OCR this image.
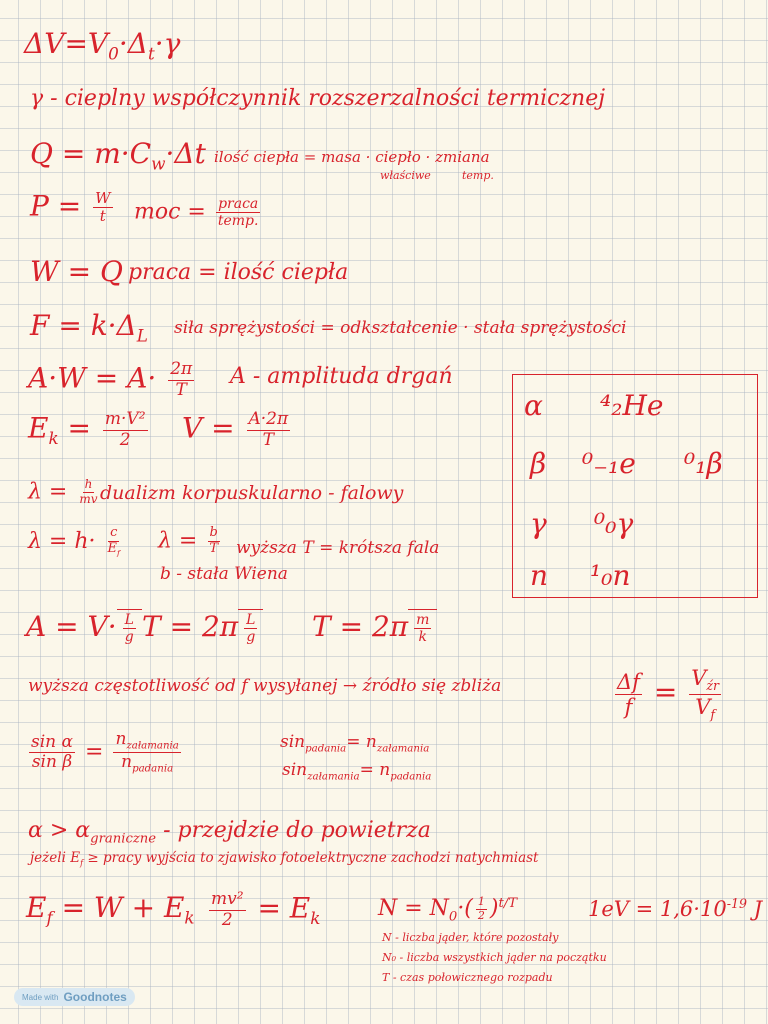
$\Delta V=V_0\cdot\Delta_t\cdot\gamma$
γ - cieplny współczynnik rozszerzalności termicznej
$Q = m\cdot C_w\cdot\Delta t$ ilość ciepła = masa · ciepło · zmiana
właściwe	temp.
$P = \frac{W}{t}$ moc = $\frac{\text{praca}}{\text{temp.}}$
W = Q praca = ilość ciepła
$F = k\cdot\Delta_L$ siła sprężystości = odkształcenie · stała sprężystości
$A\cdot W = A\cdot \frac{2\pi}{T}$ A - amplituda drgań
$E_k = \frac{\text{m·V²}}{2}$ $V = \frac{A\cdot 2\pi}{T}$
$\lambda = \frac{h}{mv}$ dualizm korpuskularno - falowy
$\lambda = h\cdot \frac{c}{E_f}$ $\lambda = \frac{b}{T}$ wyższa T = krótsza fala
b - stała Wiena
$A = V\cdot \frac{L}{g}$ $T = 2\pi \frac{L}{g}$ $T = 2\pi \frac{m}{k}$
wyższa częstotliwość od f wysyłanej → źródło się zbliża	$\frac{\Delta f}{f} = \frac{V_{źr}}{V_f}$
$\frac{\text{sin α}}{\text{sin β}} = \frac{n_{załamania}}{n_{padania}}$	$\sin_{padania}= n_{załamania}$
$\sin_{załamania}= n_{padania}$
$\alpha > \alpha_{graniczne}$ - przejdzie do powietrza
jeżeli $E_f$ ≥ pracy wyjścia to zjawisko fotoelektryczne zachodzi natychmiast
$E_f = W + E_k \frac{\text{mv²}}{2} = E_k$	$N = N_0\cdot( \frac{1}{2} )^{t/T}$	$1eV = 1,6\cdot 10^{-19}$ J
N - liczba jąder, które pozostały
N₀ - liczba wszystkich jąder na początku
T - czas połowicznego rozpadu
α ⁴₂He
β ⁰₋₁e ⁰₁β
γ ⁰₀γ
n ¹₀n
Made with Goodnotes
